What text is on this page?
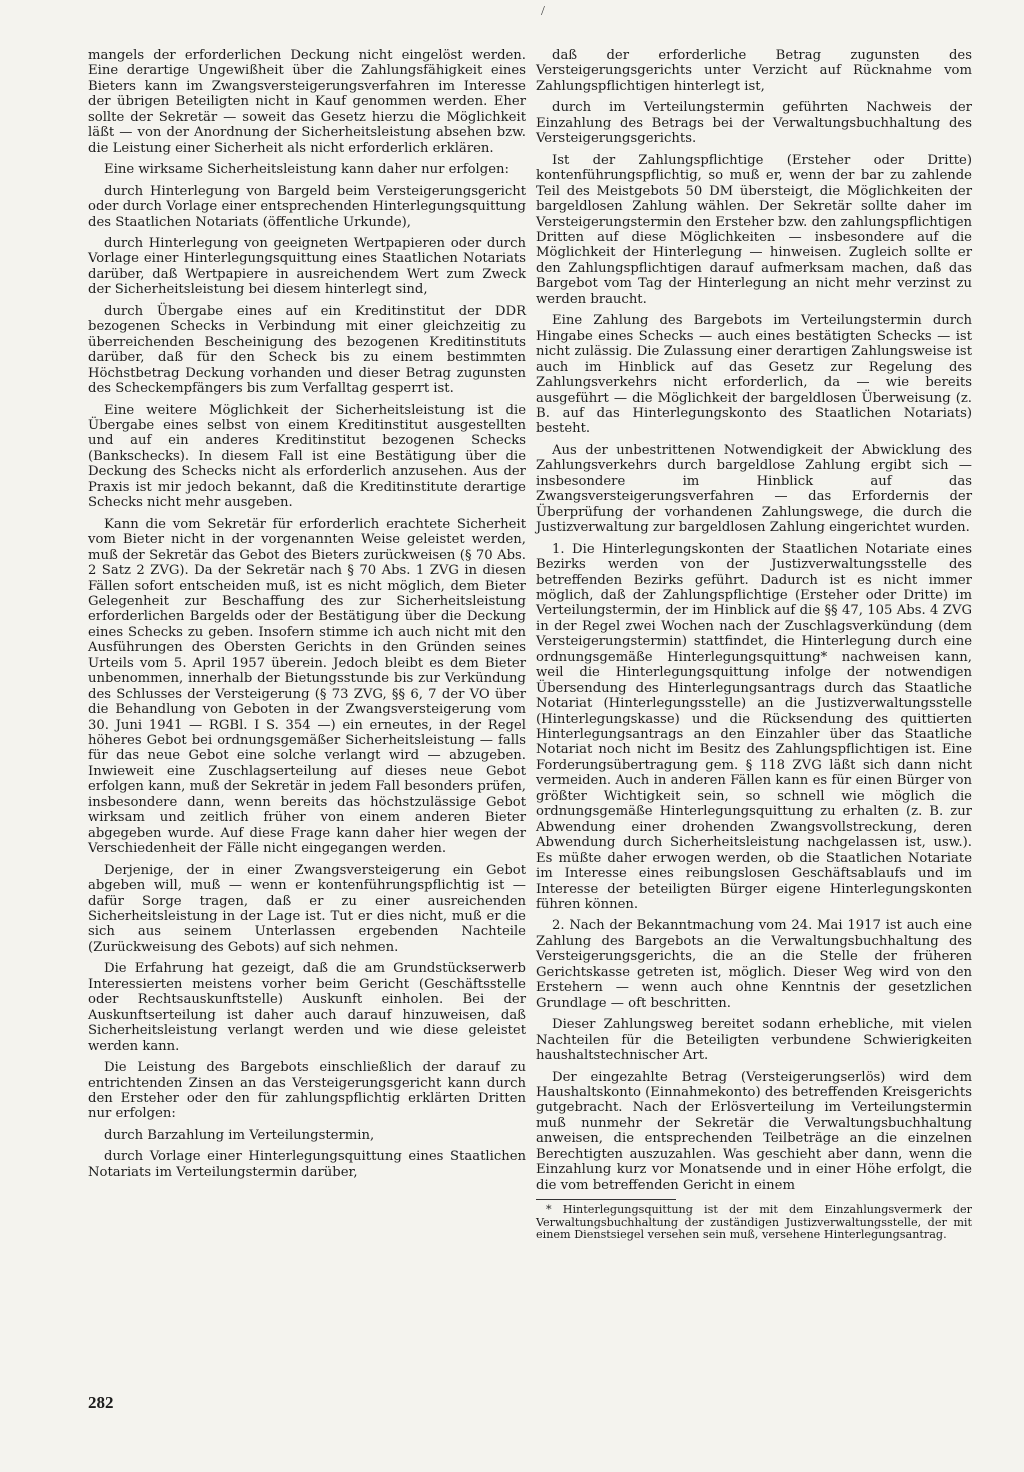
/

mangels der erforderlichen Deckung nicht eingelöst werden. Eine derartige Ungewißheit über die Zahlungsfähigkeit eines Bieters kann im Zwangsversteigerungsverfahren im Interesse der übrigen Beteiligten nicht in Kauf genommen werden. Eher sollte der Sekretär — soweit das Gesetz hierzu die Möglichkeit läßt — von der Anordnung der Sicherheitsleistung absehen bzw. die Leistung einer Sicherheit als nicht erforderlich erklären.

Eine wirksame Sicherheitsleistung kann daher nur erfolgen:

durch Hinterlegung von Bargeld beim Versteigerungsgericht oder durch Vorlage einer entsprechenden Hinterlegungsquittung des Staatlichen Notariats (öffentliche Urkunde),

durch Hinterlegung von geeigneten Wertpapieren oder durch Vorlage einer Hinterlegungsquittung eines Staatlichen Notariats darüber, daß Wertpapiere in ausreichendem Wert zum Zweck der Sicherheitsleistung bei diesem hinterlegt sind,

durch Übergabe eines auf ein Kreditinstitut der DDR bezogenen Schecks in Verbindung mit einer gleichzeitig zu überreichenden Bescheinigung des bezogenen Kreditinstituts darüber, daß für den Scheck bis zu einem bestimmten Höchstbetrag Deckung vorhanden und dieser Betrag zugunsten des Scheckempfängers bis zum Verfalltag gesperrt ist.

Eine weitere Möglichkeit der Sicherheitsleistung ist die Übergabe eines selbst von einem Kreditinstitut ausgestellten und auf ein anderes Kreditinstitut bezogenen Schecks (Bankschecks). In diesem Fall ist eine Bestätigung über die Deckung des Schecks nicht als erforderlich anzusehen. Aus der Praxis ist mir jedoch bekannt, daß die Kreditinstitute derartige Schecks nicht mehr ausgeben.

Kann die vom Sekretär für erforderlich erachtete Sicherheit vom Bieter nicht in der vorgenannten Weise geleistet werden, muß der Sekretär das Gebot des Bieters zurückweisen (§ 70 Abs. 2 Satz 2 ZVG). Da der Sekretär nach § 70 Abs. 1 ZVG in diesen Fällen sofort entscheiden muß, ist es nicht möglich, dem Bieter Gelegenheit zur Beschaffung des zur Sicherheitsleistung erforderlichen Bargelds oder der Bestätigung über die Deckung eines Schecks zu geben. Insofern stimme ich auch nicht mit den Ausführungen des Obersten Gerichts in den Gründen seines Urteils vom 5. April 1957 überein. Jedoch bleibt es dem Bieter unbenommen, innerhalb der Bietungsstunde bis zur Verkündung des Schlusses der Versteigerung (§ 73 ZVG, §§ 6, 7 der VO über die Behandlung von Geboten in der Zwangsversteigerung vom 30. Juni 1941 — RGBl. I S. 354 —) ein erneutes, in der Regel höheres Gebot bei ordnungsgemäßer Sicherheitsleistung — falls für das neue Gebot eine solche verlangt wird — abzugeben. Inwieweit eine Zuschlagserteilung auf dieses neue Gebot erfolgen kann, muß der Sekretär in jedem Fall besonders prüfen, insbesondere dann, wenn bereits das höchstzulässige Gebot wirksam und zeitlich früher von einem anderen Bieter abgegeben wurde. Auf diese Frage kann daher hier wegen der Verschiedenheit der Fälle nicht eingegangen werden.

Derjenige, der in einer Zwangsversteigerung ein Gebot abgeben will, muß — wenn er kontenführungspflichtig ist — dafür Sorge tragen, daß er zu einer ausreichenden Sicherheitsleistung in der Lage ist. Tut er dies nicht, muß er die sich aus seinem Unterlassen ergebenden Nachteile (Zurückweisung des Gebots) auf sich nehmen.

Die Erfahrung hat gezeigt, daß die am Grundstückserwerb Interessierten meistens vorher beim Gericht (Geschäftsstelle oder Rechtsauskunftstelle) Auskunft einholen. Bei der Auskunftserteilung ist daher auch darauf hinzuweisen, daß Sicherheitsleistung verlangt werden und wie diese geleistet werden kann.

Die Leistung des Bargebots einschließlich der darauf zu entrichtenden Zinsen an das Versteigerungsgericht kann durch den Ersteher oder den für zahlungspflichtig erklärten Dritten nur erfolgen:

durch Barzahlung im Verteilungstermin,

durch Vorlage einer Hinterlegungsquittung eines Staatlichen Notariats im Verteilungstermin darüber,

daß der erforderliche Betrag zugunsten des Versteigerungsgerichts unter Verzicht auf Rücknahme vom Zahlungspflichtigen hinterlegt ist,

durch im Verteilungstermin geführten Nachweis der Einzahlung des Betrags bei der Verwaltungsbuchhaltung des Versteigerungsgerichts.

Ist der Zahlungspflichtige (Ersteher oder Dritte) kontenführungspflichtig, so muß er, wenn der bar zu zahlende Teil des Meistgebots 50 DM übersteigt, die Möglichkeiten der bargeldlosen Zahlung wählen. Der Sekretär sollte daher im Versteigerungstermin den Ersteher bzw. den zahlungspflichtigen Dritten auf diese Möglichkeiten — insbesondere auf die Möglichkeit der Hinterlegung — hinweisen. Zugleich sollte er den Zahlungspflichtigen darauf aufmerksam machen, daß das Bargebot vom Tag der Hinterlegung an nicht mehr verzinst zu werden braucht.

Eine Zahlung des Bargebots im Verteilungstermin durch Hingabe eines Schecks — auch eines bestätigten Schecks — ist nicht zulässig. Die Zulassung einer derartigen Zahlungsweise ist auch im Hinblick auf das Gesetz zur Regelung des Zahlungsverkehrs nicht erforderlich, da — wie bereits ausgeführt — die Möglichkeit der bargeldlosen Überweisung (z. B. auf das Hinterlegungskonto des Staatlichen Notariats) besteht.

Aus der unbestrittenen Notwendigkeit der Abwicklung des Zahlungsverkehrs durch bargeldlose Zahlung ergibt sich — insbesondere im Hinblick auf das Zwangsversteigerungsverfahren — das Erfordernis der Überprüfung der vorhandenen Zahlungswege, die durch die Justizverwaltung zur bargeldlosen Zahlung eingerichtet wurden.

1. Die Hinterlegungskonten der Staatlichen Notariate eines Bezirks werden von der Justizverwaltungsstelle des betreffenden Bezirks geführt. Dadurch ist es nicht immer möglich, daß der Zahlungspflichtige (Ersteher oder Dritte) im Verteilungstermin, der im Hinblick auf die §§ 47, 105 Abs. 4 ZVG in der Regel zwei Wochen nach der Zuschlagsverkündung (dem Versteigerungstermin) stattfindet, die Hinterlegung durch eine ordnungsgemäße Hinterlegungsquittung* nachweisen kann, weil die Hinterlegungsquittung infolge der notwendigen Übersendung des Hinterlegungsantrags durch das Staatliche Notariat (Hinterlegungsstelle) an die Justizverwaltungsstelle (Hinterlegungskasse) und die Rücksendung des quittierten Hinterlegungsantrags an den Einzahler über das Staatliche Notariat noch nicht im Besitz des Zahlungspflichtigen ist. Eine Forderungsübertragung gem. § 118 ZVG läßt sich dann nicht vermeiden. Auch in anderen Fällen kann es für einen Bürger von größter Wichtigkeit sein, so schnell wie möglich die ordnungsgemäße Hinterlegungsquittung zu erhalten (z. B. zur Abwendung einer drohenden Zwangsvollstreckung, deren Abwendung durch Sicherheitsleistung nachgelassen ist, usw.). Es müßte daher erwogen werden, ob die Staatlichen Notariate im Interesse eines reibungslosen Geschäftsablaufs und im Interesse der beteiligten Bürger eigene Hinterlegungskonten führen können.

2. Nach der Bekanntmachung vom 24. Mai 1917 ist auch eine Zahlung des Bargebots an die Verwaltungsbuchhaltung des Versteigerungsgerichts, die an die Stelle der früheren Gerichtskasse getreten ist, möglich. Dieser Weg wird von den Erstehern — wenn auch ohne Kenntnis der gesetzlichen Grundlage — oft beschritten.

Dieser Zahlungsweg bereitet sodann erhebliche, mit vielen Nachteilen für die Beteiligten verbundene Schwierigkeiten haushaltstechnischer Art.

Der eingezahlte Betrag (Versteigerungserlös) wird dem Haushaltskonto (Einnahmekonto) des betreffenden Kreisgerichts gutgebracht. Nach der Erlösverteilung im Verteilungstermin muß nunmehr der Sekretär die Verwaltungsbuchhaltung anweisen, die entsprechenden Teilbeträge an die einzelnen Berechtigten auszuzahlen. Was geschieht aber dann, wenn die Einzahlung kurz vor Monatsende und in einer Höhe erfolgt, die die vom betreffenden Gericht in einem

* Hinterlegungsquittung ist der mit dem Einzahlungsvermerk der Verwaltungsbuchhaltung der zuständigen Justizverwaltungsstelle, der mit einem Dienstsiegel versehen sein muß, versehene Hinterlegungsantrag.

282
